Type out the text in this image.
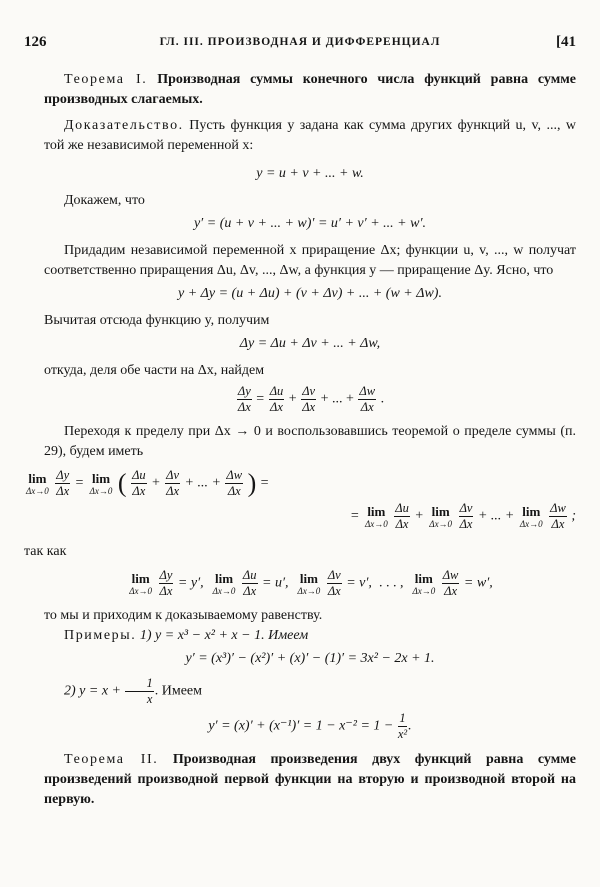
126	ГЛ. III. ПРОИЗВОДНАЯ И ДИФФЕРЕНЦИАЛ	[41

Теорема I. Производная суммы конечного числа функций равна сумме производных слагаемых.

Доказательство. Пусть функция y задана как сумма других функций u, v, ..., w той же независимой переменной x:

y = u + v + ... + w.

Докажем, что

y′ = (u + v + ... + w)′ = u′ + v′ + ... + w′.

Придадим независимой переменной x приращение Δx; функции u, v, ..., w получат соответственно приращения Δu, Δv, ..., Δw, а функция y — приращение Δy. Ясно, что

y + Δy = (u + Δu) + (v + Δv) + ... + (w + Δw).

Вычитая отсюда функцию y, получим

Δy = Δu + Δv + ... + Δw,

откуда, деля обе части на Δx, найдем

$\frac{\Delta y}{\Delta x} = \frac{\Delta u}{\Delta x} + \frac{\Delta v}{\Delta x}$ + ... + $\frac{\Delta w}{\Delta x}$ .

Переходя к пределу при Δx → 0 и воспользовавшись теоремой о пределе суммы (п. 29), будем иметь

lim
Δx→0
$\frac{\Delta y}{\Delta x} = \lim$
Δx→0 ( $\frac{\Delta u}{\Delta x} + \frac{\Delta v}{\Delta x}$ + ... + $\frac{\Delta w}{\Delta x}$ ) =
= lim
Δx→0
$\frac{\Delta u}{\Delta x} + \lim$
Δx→0
$\frac{\Delta v}{\Delta x}$ + ... + lim
Δx→0
$\frac{\Delta w}{\Delta x}$ ;

так как

lim
Δx→0
$\frac{\Delta y}{\Delta x} = y'$, lim
Δx→0
$\frac{\Delta u}{\Delta x} = u'$, lim
Δx→0
$\frac{\Delta v}{\Delta x} = v'$, . . . , lim
Δx→0
$\frac{\Delta w}{\Delta x} = w'$,

то мы и приходим к доказываемому равенству.

Примеры. 1) y = x³ − x² + x − 1. Имеем

y′ = (x³)′ − (x²)′ + (x)′ − (1)′ = 3x² − 2x + 1.

2) $y = x + \frac{1}{x}$ . Имеем

$y' = (x)' + (x^{-1})' = 1 - x^{-2} = 1 - \frac{1}{\text{x²}}$ .

Теорема II. Производная произведения двух функций равна сумме произведений производной первой функции на вторую и производной второй на первую.
